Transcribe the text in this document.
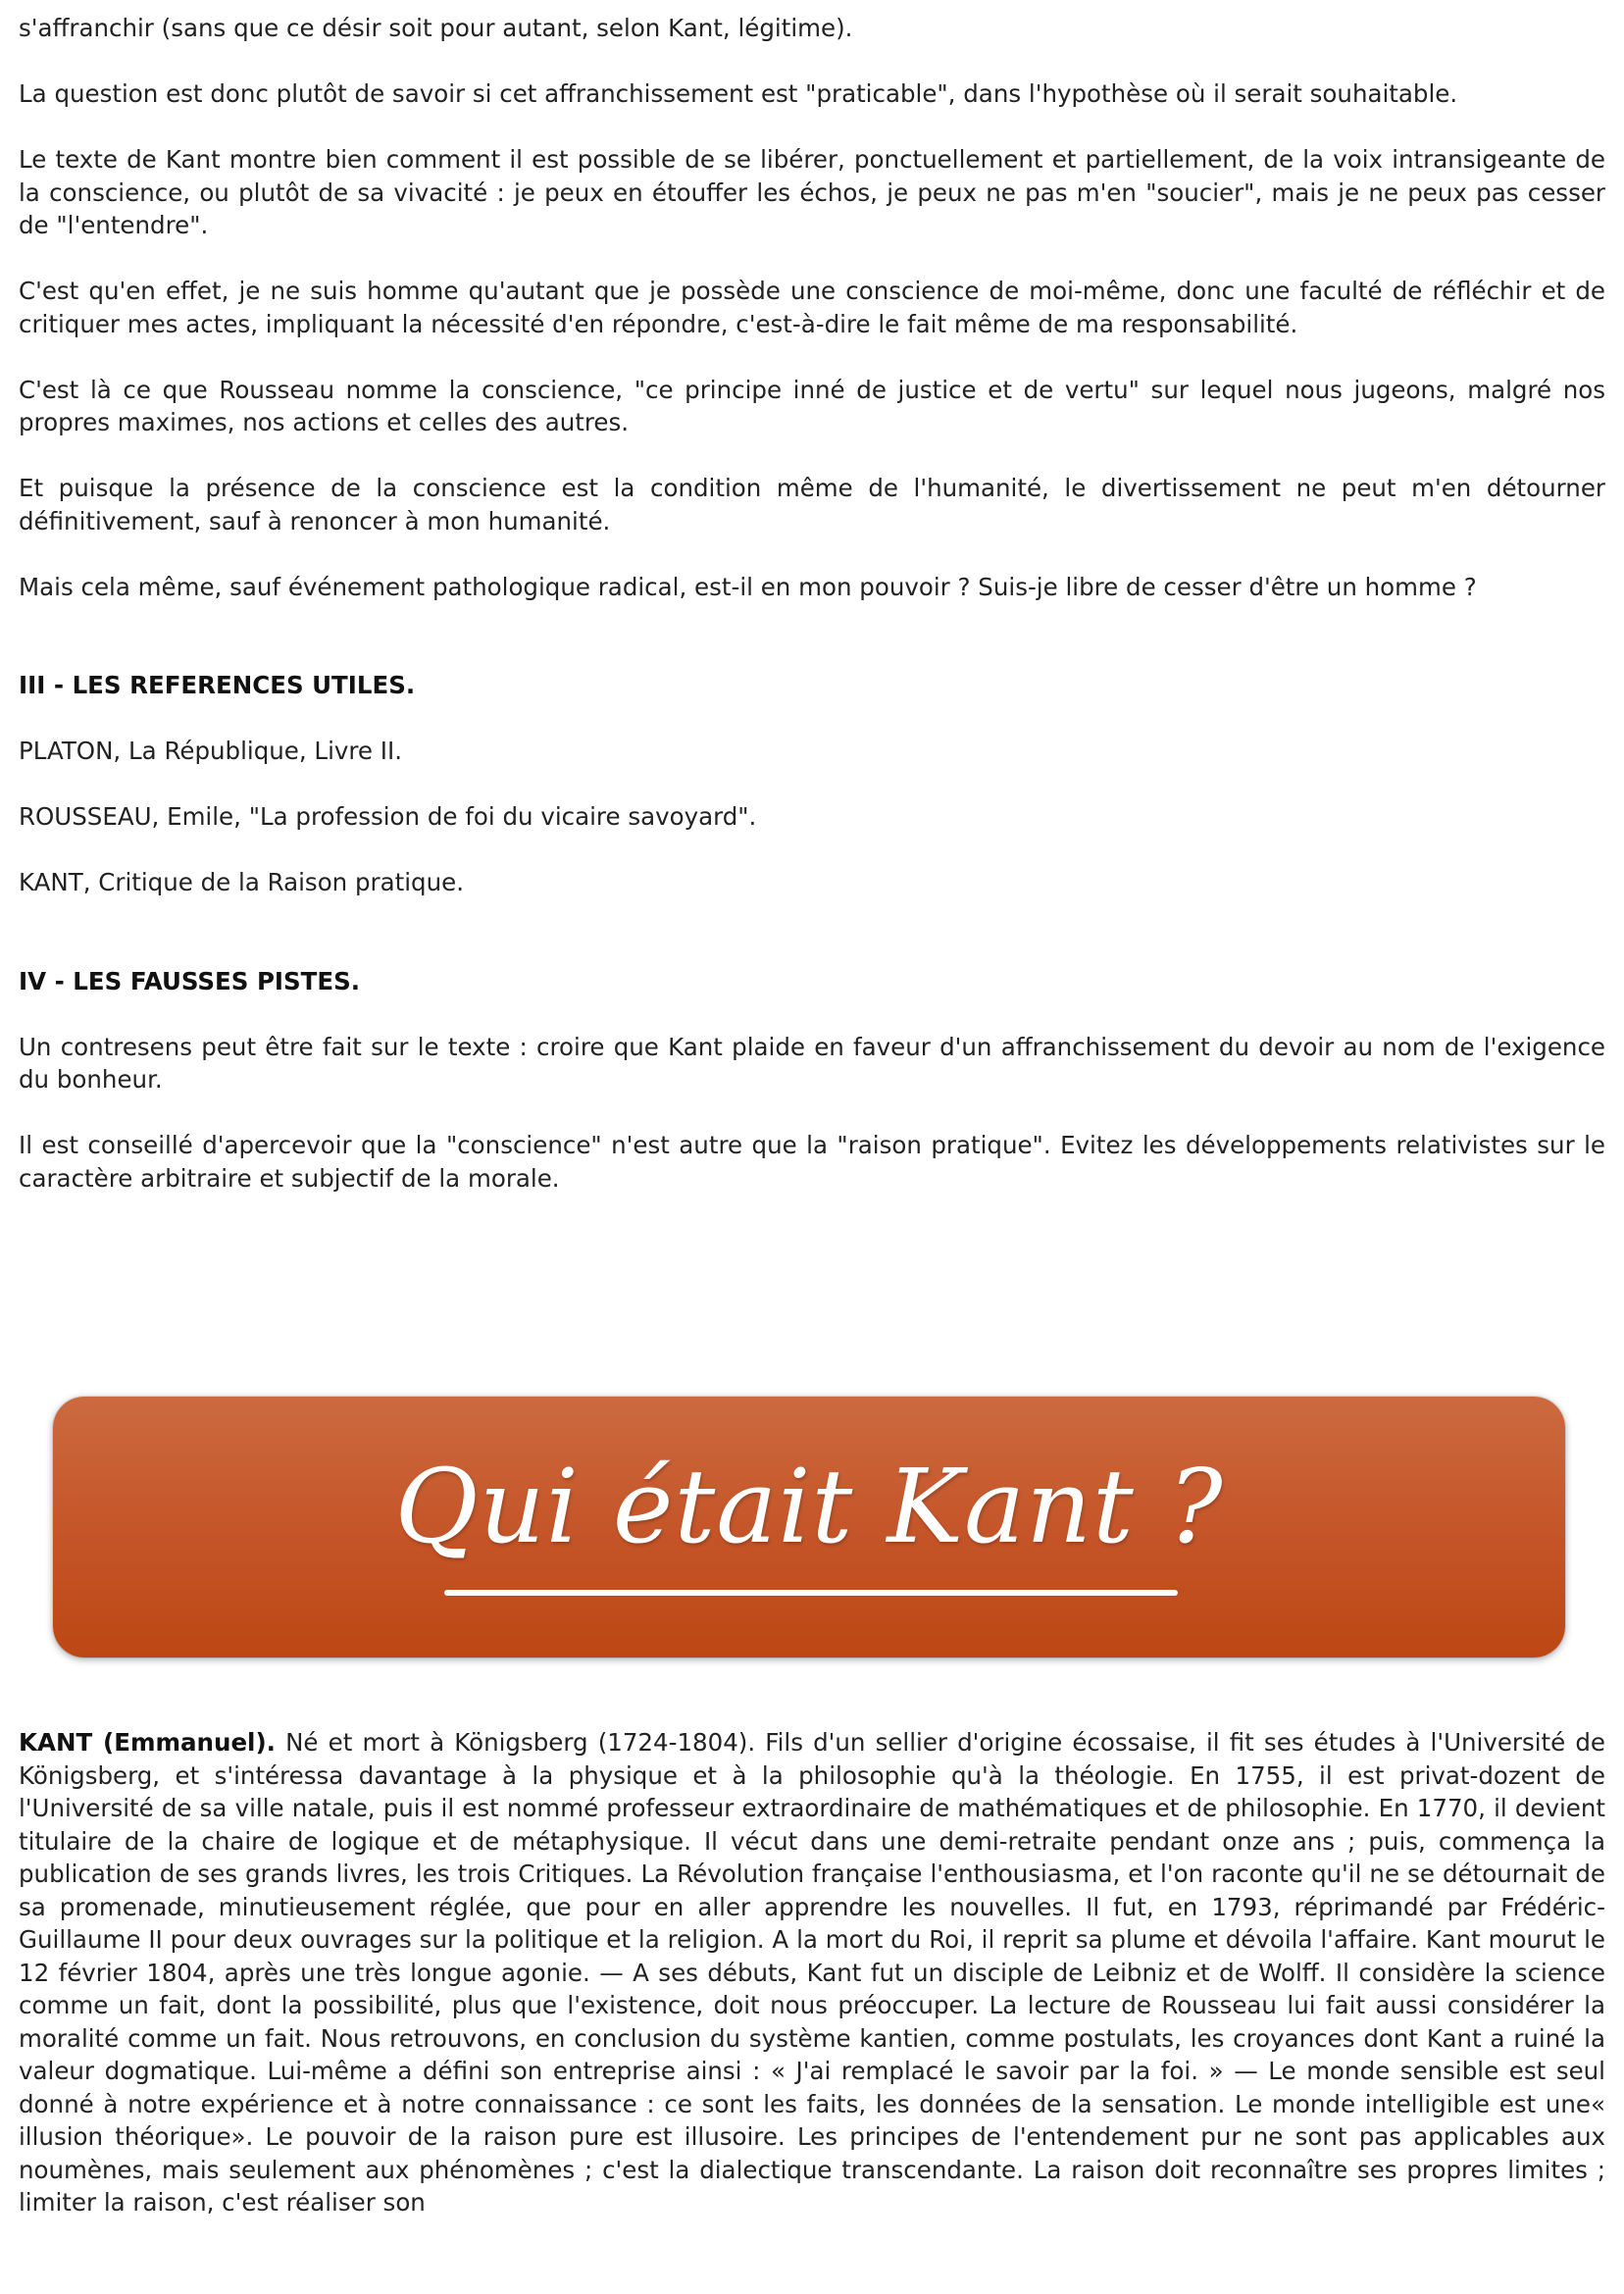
s'affranchir (sans que ce désir soit pour autant, selon Kant, légitime).

La question est donc plutôt de savoir si cet affranchissement est "praticable", dans l'hypothèse où il serait souhaitable.

Le texte de Kant montre bien comment il est possible de se libérer, ponctuellement et partiellement, de la voix intransigeante de la conscience, ou plutôt de sa vivacité : je peux en étouffer les échos, je peux ne pas m'en "soucier", mais je ne peux pas cesser de "l'entendre".

C'est qu'en effet, je ne suis homme qu'autant que je possède une conscience de moi-même, donc une faculté de réfléchir et de critiquer mes actes, impliquant la nécessité d'en répondre, c'est-à-dire le fait même de ma responsabilité.

C'est là ce que Rousseau nomme la conscience, "ce principe inné de justice et de vertu" sur lequel nous jugeons, malgré nos propres maximes, nos actions et celles des autres.

Et puisque la présence de la conscience est la condition même de l'humanité, le divertissement ne peut m'en détourner définitivement, sauf à renoncer à mon humanité.

Mais cela même, sauf événement pathologique radical, est-il en mon pouvoir ? Suis-je libre de cesser d'être un homme ?

III - LES REFERENCES UTILES.

PLATON, La République, Livre II.

ROUSSEAU, Emile, "La profession de foi du vicaire savoyard".

KANT, Critique de la Raison pratique.

IV - LES FAUSSES PISTES.

Un contresens peut être fait sur le texte : croire que Kant plaide en faveur d'un affranchissement du devoir au nom de l'exigence du bonheur.

Il est conseillé d'apercevoir que la "conscience" n'est autre que la "raison pratique". Evitez les développements relativistes sur le caractère arbitraire et subjectif de la morale.

Qui était Kant ?

KANT (Emmanuel). Né et mort à Königsberg (1724-1804). Fils d'un sellier d'origine écossaise, il fit ses études à l'Université de Königsberg, et s'intéressa davantage à la physique et à la philosophie qu'à la théologie. En 1755, il est privat-dozent de l'Université de sa ville natale, puis il est nommé professeur extraordinaire de mathématiques et de philosophie. En 1770, il devient titulaire de la chaire de logique et de métaphysique. Il vécut dans une demi-retraite pendant onze ans ; puis, commença la publication de ses grands livres, les trois Critiques. La Révolution française l'enthousiasma, et l'on raconte qu'il ne se détournait de sa promenade, minutieusement réglée, que pour en aller apprendre les nouvelles. Il fut, en 1793, réprimandé par Frédéric-Guillaume II pour deux ouvrages sur la politique et la religion. A la mort du Roi, il reprit sa plume et dévoila l'affaire. Kant mourut le 12 février 1804, après une très longue agonie. — A ses débuts, Kant fut un disciple de Leibniz et de Wolff. Il considère la science comme un fait, dont la possibilité, plus que l'existence, doit nous préoccuper. La lecture de Rousseau lui fait aussi considérer la moralité comme un fait. Nous retrouvons, en conclusion du système kantien, comme postulats, les croyances dont Kant a ruiné la valeur dogmatique. Lui-même a défini son entreprise ainsi : « J'ai remplacé le savoir par la foi. » — Le monde sensible est seul donné à notre expérience et à notre connaissance : ce sont les faits, les données de la sensation. Le monde intelligible est une« illusion théorique». Le pouvoir de la raison pure est illusoire. Les principes de l'entendement pur ne sont pas applicables aux noumènes, mais seulement aux phénomènes ; c'est la dialectique transcendante. La raison doit reconnaître ses propres limites ; limiter la raison, c'est réaliser son
